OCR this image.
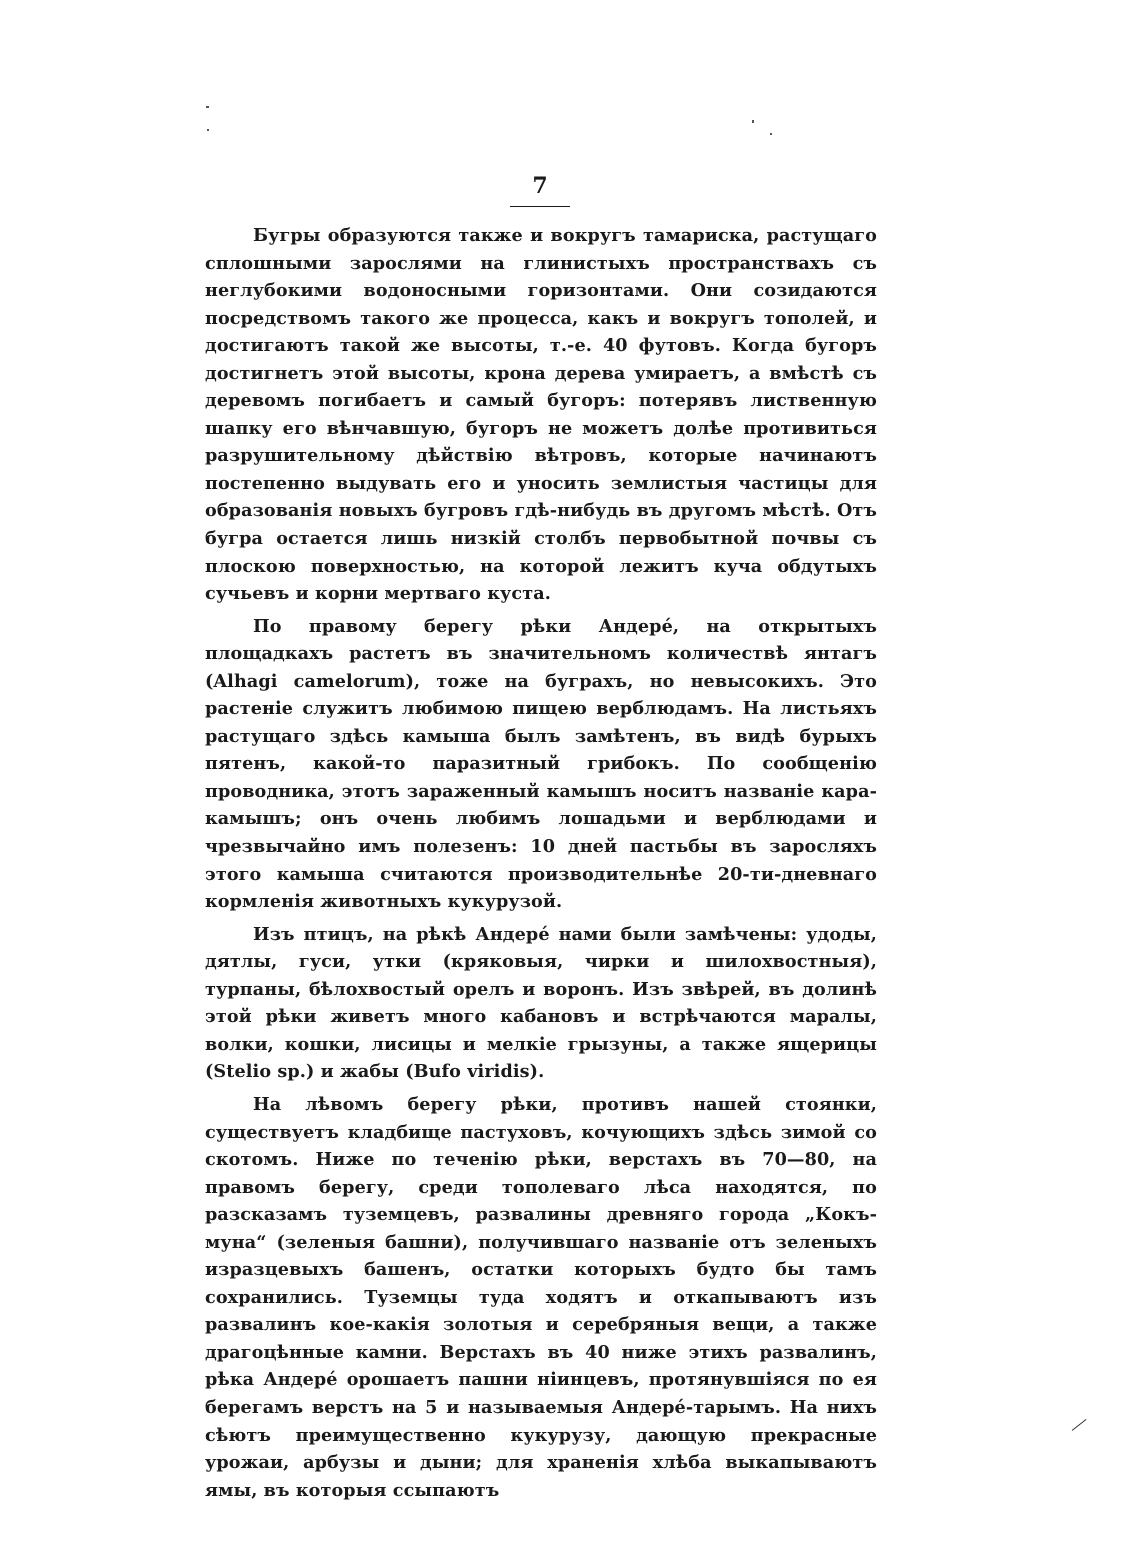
7

Бугры образуются также и вокругъ тамариска, растущаго сплошными зарослями на глинистыхъ пространствахъ съ неглубокими водоносными горизонтами. Они созидаются посредствомъ такого же процесса, какъ и вокругъ тополей, и достигаютъ такой же высоты, т.-е. 40 футовъ. Когда бугоръ достигнетъ этой высоты, крона дерева умираетъ, а вмѣстѣ съ деревомъ погибаетъ и самый бугоръ: потерявъ лиственную шапку его вѣнчавшую, бугоръ не можетъ долѣе противиться разрушительному дѣйствію вѣтровъ, которые начинаютъ постепенно выдувать его и уносить землистыя частицы для образованія новыхъ бугровъ гдѣ-нибудь въ другомъ мѣстѣ. Отъ бугра остается лишь низкій столбъ первобытной почвы съ плоскою поверхностью, на которой лежитъ куча обдутыхъ сучьевъ и корни мертваго куста.

По правому берегу рѣки Андере́, на открытыхъ площадкахъ растетъ въ значительномъ количествѣ янтагъ (Alhagi camelorum), тоже на буграхъ, но невысокихъ. Это растеніе служитъ любимою пищею верблюдамъ. На листьяхъ растущаго здѣсь камыша былъ замѣтенъ, въ видѣ бурыхъ пятенъ, какой-то паразитный грибокъ. По сообщенію проводника, этотъ зараженный камышъ носитъ названіе кара-камышъ; онъ очень любимъ лошадьми и верблюдами и чрезвычайно имъ полезенъ: 10 дней пастьбы въ заросляхъ этого камыша считаются производительнѣе 20-ти-дневнаго кормленія животныхъ кукурузой.

Изъ птицъ, на рѣкѣ Андере́ нами были замѣчены: удоды, дятлы, гуси, утки (кряковыя, чирки и шилохвостныя), турпаны, бѣлохвостый орелъ и воронъ. Изъ звѣрей, въ долинѣ этой рѣки живетъ много кабановъ и встрѣчаются маралы, волки, кошки, лисицы и мелкіе грызуны, а также ящерицы (Stelio sp.) и жабы (Bufo viridis).

На лѣвомъ берегу рѣки, противъ нашей стоянки, существуетъ кладбище пастуховъ, кочующихъ здѣсь зимой со скотомъ. Ниже по теченію рѣки, верстахъ въ 70—80, на правомъ берегу, среди тополеваго лѣса находятся, по разсказамъ туземцевъ, развалины древняго города „Кокъ-муна“ (зеленыя башни), получившаго названіе отъ зеленыхъ изразцевыхъ башенъ, остатки которыхъ будто бы тамъ сохранились. Туземцы туда ходятъ и откапываютъ изъ развалинъ кое-какія золотыя и серебряныя вещи, а также драгоцѣнные камни. Верстахъ въ 40 ниже этихъ развалинъ, рѣка Андере́ орошаетъ пашни ніинцевъ, протянувшіяся по ея берегамъ верстъ на 5 и называемыя Андере́-тарымъ. На нихъ сѣютъ преимущественно кукурузу, дающую прекрасные урожаи, арбузы и дыни; для храненія хлѣба выкапываютъ ямы, въ которыя ссыпаютъ
